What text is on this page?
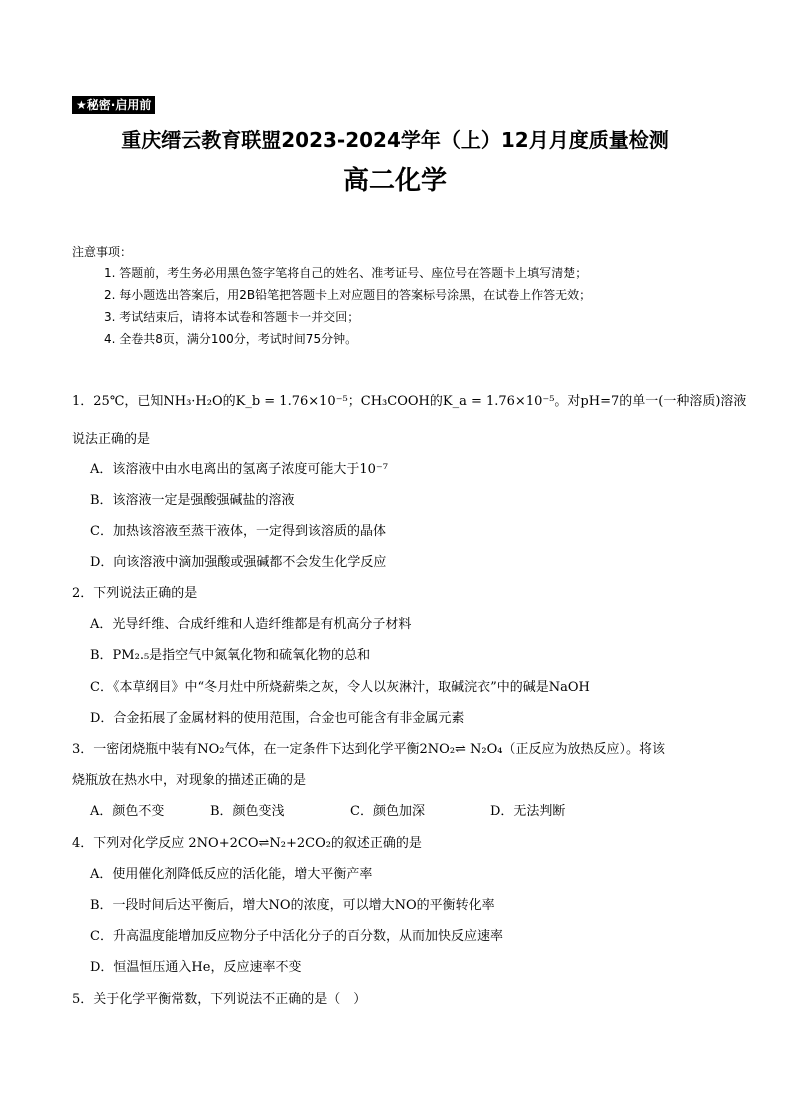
★秘密·启用前
重庆缙云教育联盟2023-2024学年（上）12月月度质量检测
高二化学
注意事项：
1. 答题前，考生务必用黑色签字笔将自己的姓名、准考证号、座位号在答题卡上填写清楚；
2. 每小题选出答案后，用2B铅笔把答题卡上对应题目的答案标号涂黑，在试卷上作答无效；
3. 考试结束后，请将本试卷和答题卡一并交回；
4. 全卷共8页，满分100分，考试时间75分钟。
1．25℃，已知NH₃·H₂O的K_b = 1.76×10⁻⁵；CH₃COOH的K_a = 1.76×10⁻⁵。对pH=7的单一(一种溶质)溶液
说法正确的是
A．该溶液中由水电离出的氢离子浓度可能大于10⁻⁷
B．该溶液一定是强酸强碱盐的溶液
C．加热该溶液至蒸干液体，一定得到该溶质的晶体
D．向该溶液中滴加强酸或强碱都不会发生化学反应
2．下列说法正确的是
A．光导纤维、合成纤维和人造纤维都是有机高分子材料
B．PM₂.₅是指空气中氮氧化物和硫氧化物的总和
C．《本草纲目》中“冬月灶中所烧薪柴之灰，令人以灰淋汁，取碱浣衣”中的碱是NaOH
D．合金拓展了金属材料的使用范围，合金也可能含有非金属元素
3．一密闭烧瓶中装有NO₂气体，在一定条件下达到化学平衡2NO₂⇌ N₂O₄（正反应为放热反应）。将该
烧瓶放在热水中，对现象的描述正确的是
A．颜色不变	B．颜色变浅	C．颜色加深	D．无法判断
4．下列对化学反应 2NO+2CO⇌N₂+2CO₂的叙述正确的是
A．使用催化剂降低反应的活化能，增大平衡产率
B．一段时间后达平衡后，增大NO的浓度，可以增大NO的平衡转化率
C．升高温度能增加反应物分子中活化分子的百分数，从而加快反应速率
D．恒温恒压通入He，反应速率不变
5．关于化学平衡常数，下列说法不正确的是（　）
